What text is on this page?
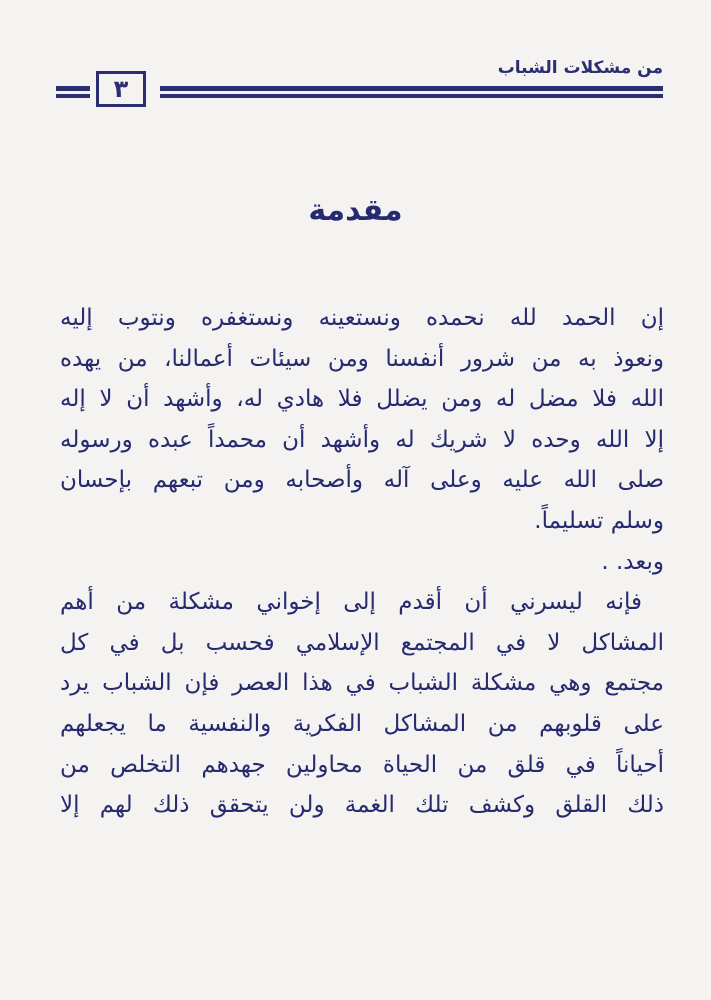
من مشكلات الشباب
٣
مقدمة
إن الحمد لله نحمده ونستعينه ونستغفره ونتوب إليه
ونعوذ به من شرور أنفسنا ومن سيئات أعمالنا، من يهده
الله فلا مضل له ومن يضلل فلا هادي له، وأشهد أن لا إله
إلا الله وحده لا شريك له وأشهد أن محمداً عبده ورسوله
صلى الله عليه وعلى آله وأصحابه ومن تبعهم بإحسان
وسلم تسليماً.
وبعد. .
فإنه ليسرني أن أقدم إلى إخواني مشكلة من أهم
المشاكل لا في المجتمع الإسلامي فحسب بل في كل
مجتمع وهي مشكلة الشباب في هذا العصر فإن الشباب يرد
على قلوبهم من المشاكل الفكرية والنفسية ما يجعلهم
أحياناً في قلق من الحياة محاولين جهدهم التخلص من
ذلك القلق وكشف تلك الغمة ولن يتحقق ذلك لهم إلا
